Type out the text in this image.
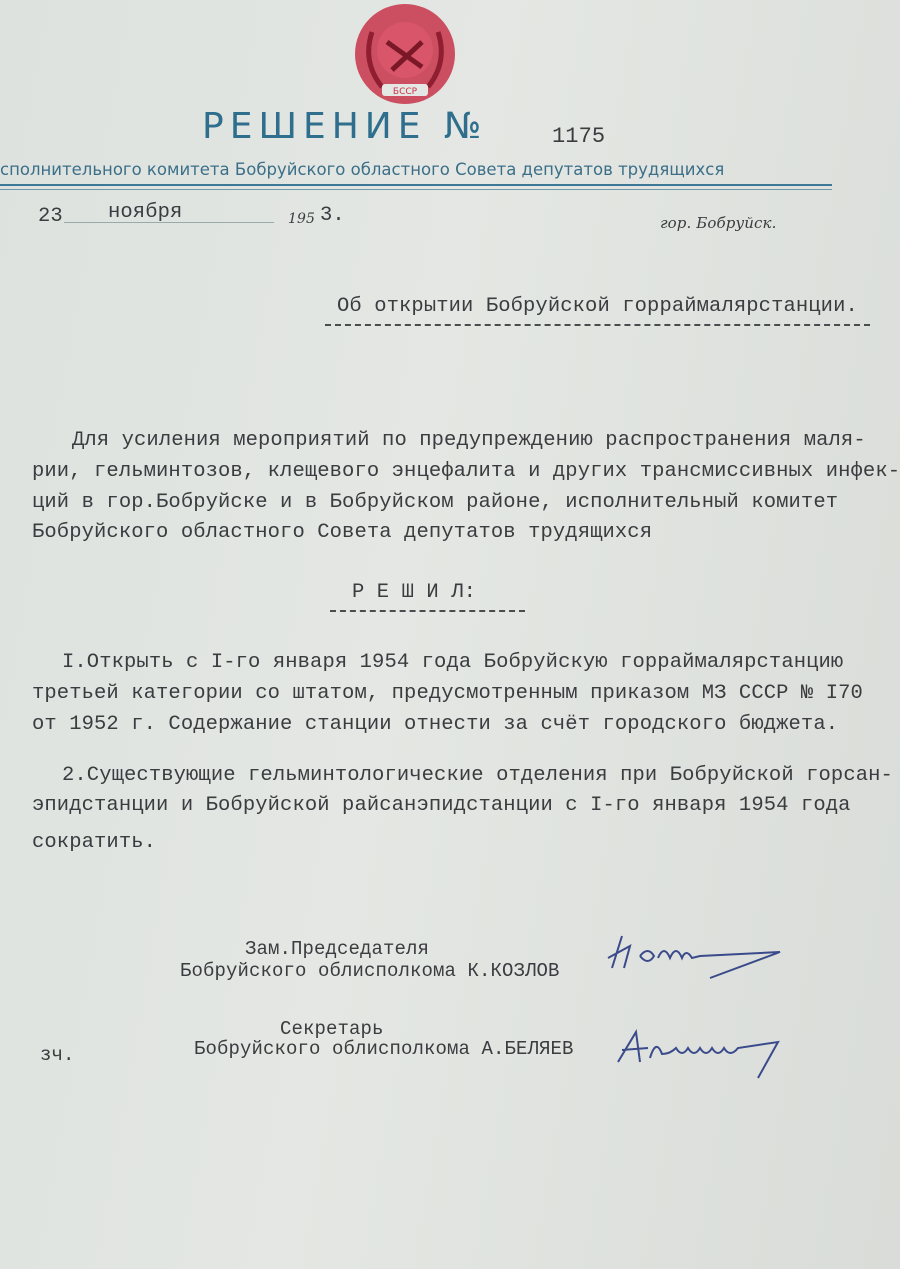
БССР
РЕШЕНИЕ №	1175
сполнительного комитета Бобруйского областного Совета депутатов трудящихся
23 ноября	195 3.	гор. Бобруйск.
Об открытии Бобруйской горраймалярстанции.
Для усиления мероприятий по предупреждению распространения маля-
рии, гельминтозов, клещевого энцефалита и других трансмиссивных инфек-
ций в гор.Бобруйске и в Бобруйском районе, исполнительный комитет
Бобруйского областного Совета депутатов трудящихся
Р Е Ш И Л:
I.Открыть с I-го января 1954 года Бобруйскую горраймалярстанцию
третьей категории со штатом, предусмотренным приказом МЗ СССР № I70
от 1952 г. Содержание станции отнести за счёт городского бюджета.
2.Существующие гельминтологические отделения при Бобруйской горсан-
эпидстанции и Бобруйской райсанэпидстанции с I-го января 1954 года
сократить.
Зам.Председателя
Бобруйского облисполкома К.КОЗЛОВ
Секретарь
Бобруйского облисполкома А.БЕЛЯЕВ
зч.
